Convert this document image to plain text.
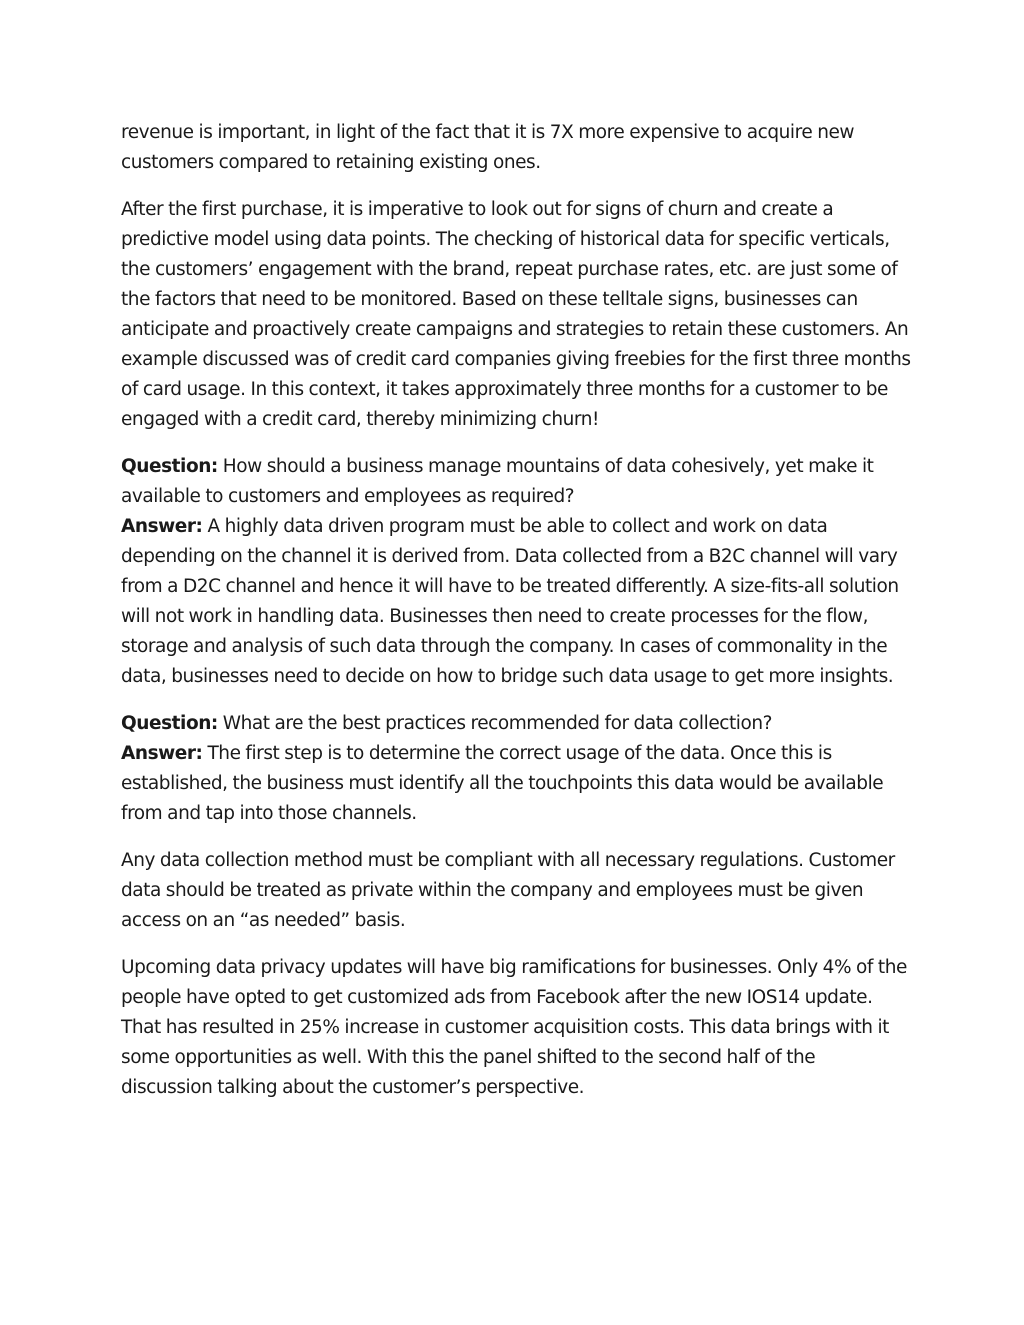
revenue is important, in light of the fact that it is 7X more expensive to acquire new customers compared to retaining existing ones.

After the first purchase, it is imperative to look out for signs of churn and create a predictive model using data points. The checking of historical data for specific verticals, the customers’ engagement with the brand, repeat purchase rates, etc. are just some of the factors that need to be monitored. Based on these telltale signs, businesses can anticipate and proactively create campaigns and strategies to retain these customers. An example discussed was of credit card companies giving freebies for the first three months of card usage. In this context, it takes approximately three months for a customer to be engaged with a credit card, thereby minimizing churn!

Question: How should a business manage mountains of data cohesively, yet make it available to customers and employees as required?

Answer: A highly data driven program must be able to collect and work on data depending on the channel it is derived from. Data collected from a B2C channel will vary from a D2C channel and hence it will have to be treated differently. A size-fits-all solution will not work in handling data. Businesses then need to create processes for the flow, storage and analysis of such data through the company. In cases of commonality in the data, businesses need to decide on how to bridge such data usage to get more insights.

Question: What are the best practices recommended for data collection?

Answer: The first step is to determine the correct usage of the data. Once this is established, the business must identify all the touchpoints this data would be available from and tap into those channels.

Any data collection method must be compliant with all necessary regulations. Customer data should be treated as private within the company and employees must be given access on an “as needed” basis.

Upcoming data privacy updates will have big ramifications for businesses. Only 4% of the people have opted to get customized ads from Facebook after the new IOS14 update. That has resulted in 25% increase in customer acquisition costs. This data brings with it some opportunities as well. With this the panel shifted to the second half of the discussion talking about the customer’s perspective.
